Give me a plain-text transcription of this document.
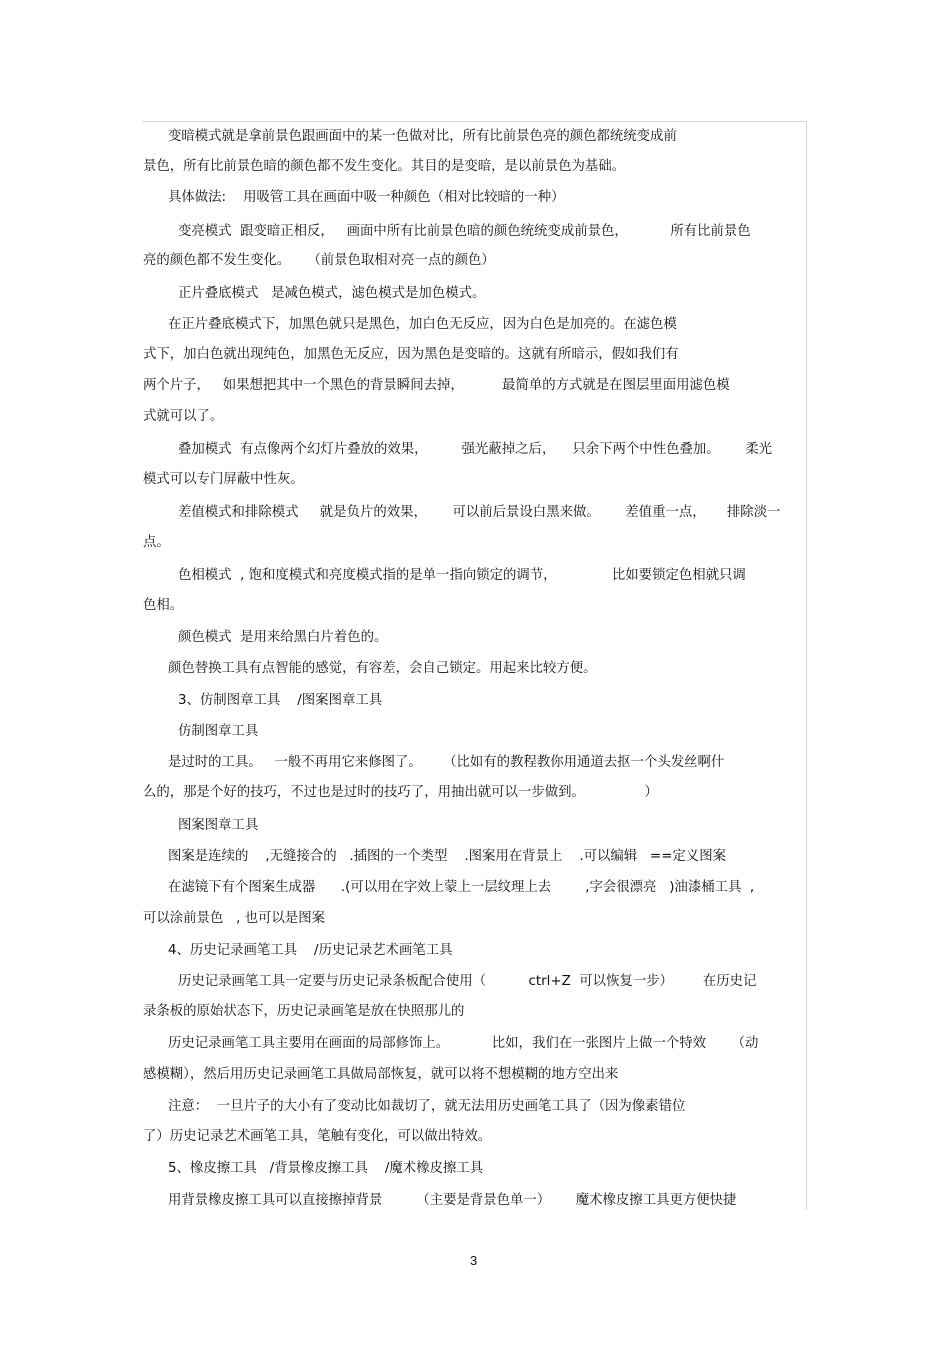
变暗模式就是拿前景色跟画面中的某一色做对比，所有比前景色亮的颜色都统统变成前

景色，所有比前景色暗的颜色都不发生变化。其目的是变暗，是以前景色为基础。

具体做法:    用吸管工具在画面中吸一种颜色（相对比较暗的一种）

变亮模式  跟变暗正相反，   画面中所有比前景色暗的颜色统统变成前景色，          所有比前景色

亮的颜色都不发生变化。    （前景色取相对亮一点的颜色）

正片叠底模式   是减色模式，滤色模式是加色模式。

在正片叠底模式下，加黑色就只是黑色，加白色无反应，因为白色是加亮的。在滤色模

式下，加白色就出现纯色，加黑色无反应，因为黑色是变暗的。这就有所暗示，假如我们有

两个片子，   如果想把其中一个黑色的背景瞬间去掉，         最简单的方式就是在图层里面用滤色模

式就可以了。

叠加模式  有点像两个幻灯片叠放的效果，        强光蔽掉之后，    只余下两个中性色叠加。      柔光

模式可以专门屏蔽中性灰。

差值模式和排除模式     就是负片的效果，      可以前后景设白黑来做。      差值重一点，     排除淡一

点。

色相模式  , 饱和度模式和亮度模式指的是单一指向锁定的调节，             比如要锁定色相就只调

色相。

颜色模式  是用来给黑白片着色的。

颜色替换工具有点智能的感觉，有容差，会自己锁定。用起来比较方便。

3、仿制图章工具    /图案图章工具

仿制图章工具

是过时的工具。   一般不再用它来修图了。     （比如有的教程教你用通道去抠一个头发丝啊什

么的，那是个好的技巧，不过也是过时的技巧了，用抽出就可以一步做到。              ）

图案图章工具

图案是连续的    ,无缝接合的   .插图的一个类型    .图案用在背景上    .可以编辑   ==定义图案

在滤镜下有个图案生成器      .(可以用在字效上蒙上一层纹理上去        ,字会很漂亮   )油漆桶工具  ,

可以涂前景色   , 也可以是图案

4、历史记录画笔工具    /历史记录艺术画笔工具

历史记录画笔工具一定要与历史记录条板配合使用（          ctrl+Z  可以恢复一步）       在历史记

录条板的原始状态下，历史记录画笔是放在快照那儿的

历史记录画笔工具主要用在画面的局部修饰上。          比如，我们在一张图片上做一个特效      （动

感模糊），然后用历史记录画笔工具做局部恢复，就可以将不想模糊的地方空出来

注意：  一旦片子的大小有了变动比如裁切了，就无法用历史画笔工具了（因为像素错位

了）历史记录艺术画笔工具，笔触有变化，可以做出特效。

5、橡皮擦工具   /背景橡皮擦工具    /魔术橡皮擦工具

用背景橡皮擦工具可以直接擦掉背景        （主要是背景色单一）      魔术橡皮擦工具更方便快捷

3
